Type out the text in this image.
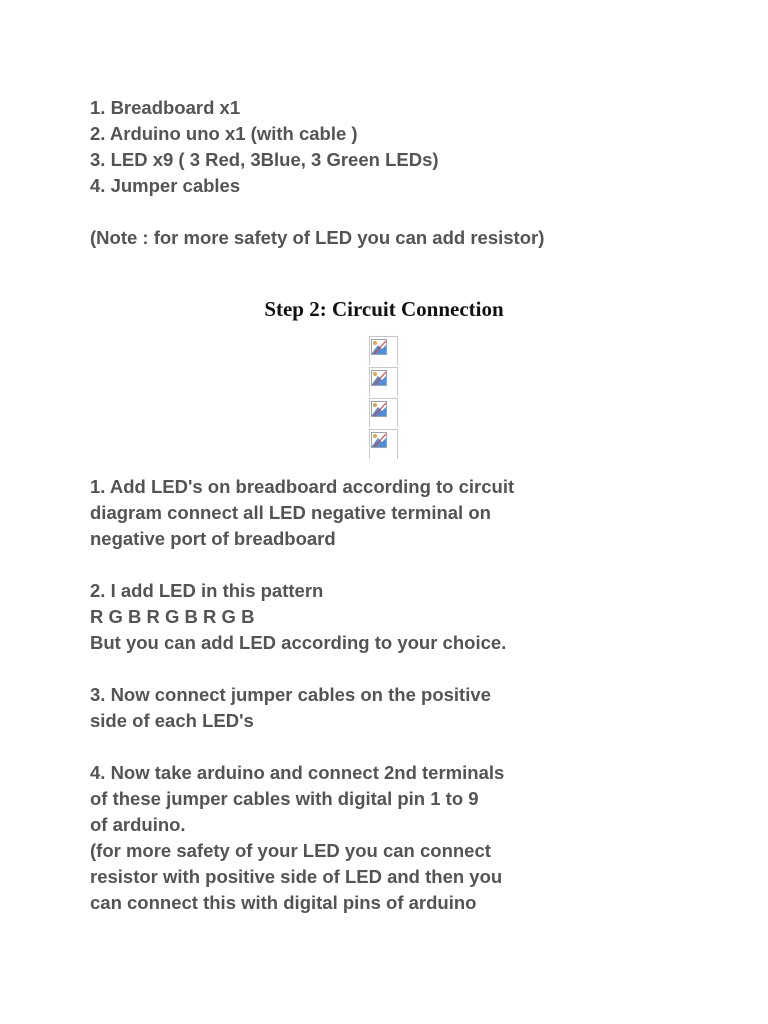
1. Breadboard x1
2. Arduino uno x1 (with cable )
3. LED x9 ( 3 Red, 3Blue, 3 Green LEDs)
4. Jumper cables
(Note : for more safety of LED you can add resistor)
Step 2: Circuit Connection
1. Add LED's on breadboard according to circuit
diagram connect all LED negative terminal on
negative port of breadboard
2. I add LED in this pattern
R G B R G B R G B
But you can add LED according to your choice.
3. Now connect jumper cables on the positive
side of each LED's
4. Now take arduino and connect 2nd terminals
of these jumper cables with digital pin 1 to 9
of arduino.
(for more safety of your LED you can connect
resistor with positive side of LED and then you
can connect this with digital pins of arduino
